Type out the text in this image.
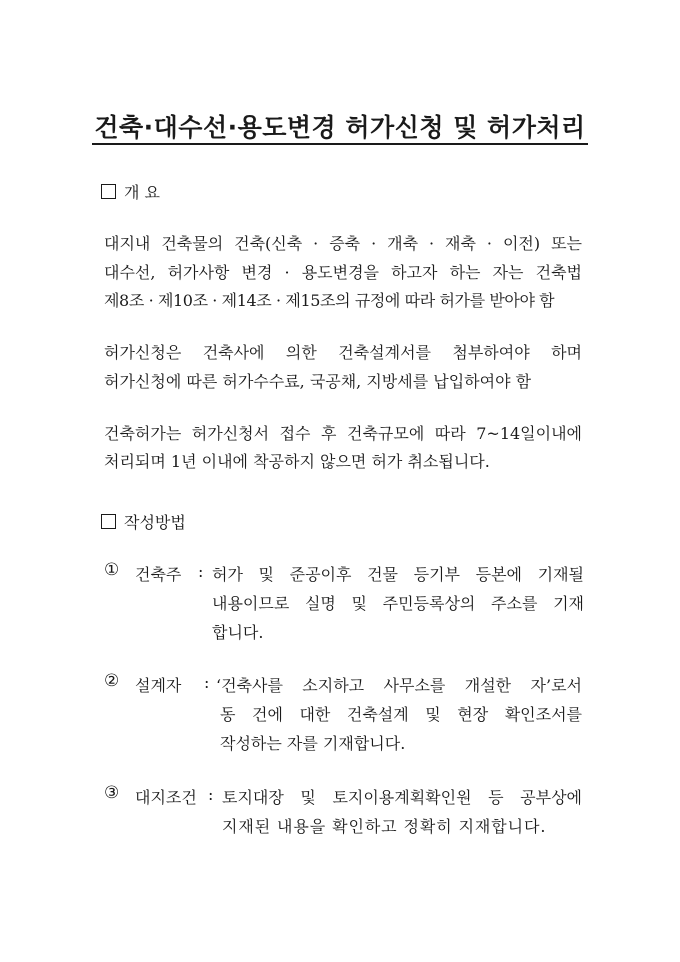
건축·대수선·용도변경 허가신청 및 허가처리
개 요

대지내 건축물의 건축(신축 · 증축 · 개축 · 재축 · 이전) 또는

대수선, 허가사항 변경 · 용도변경을 하고자 하는 자는 건축법

제8조 · 제10조 · 제14조 · 제15조의 규정에 따라 허가를 받아야 함

허가신청은 건축사에 의한 건축설계서를 첨부하여야 하며

허가신청에 따른 허가수수료, 국공채, 지방세를 납입하여야 함

건축허가는 허가신청서 접수 후 건축규모에 따라 7~14일이내에

처리되며 1년 이내에 착공하지 않으면 허가 취소됩니다.

작성방법
① 건축주 : 허가 및 준공이후 건물 등기부 등본에 기재될

내용이므로 실명 및 주민등록상의 주소를 기재

합니다.

② 설계자 : ‘건축사를 소지하고 사무소를 개설한 자’로서

동 건에 대한 건축설계 및 현장 확인조서를

작성하는 자를 기재합니다.

③ 대지조건 : 토지대장 및 토지이용계획확인원 등 공부상에

지재된 내용을 확인하고 정확히 지재합니다.
